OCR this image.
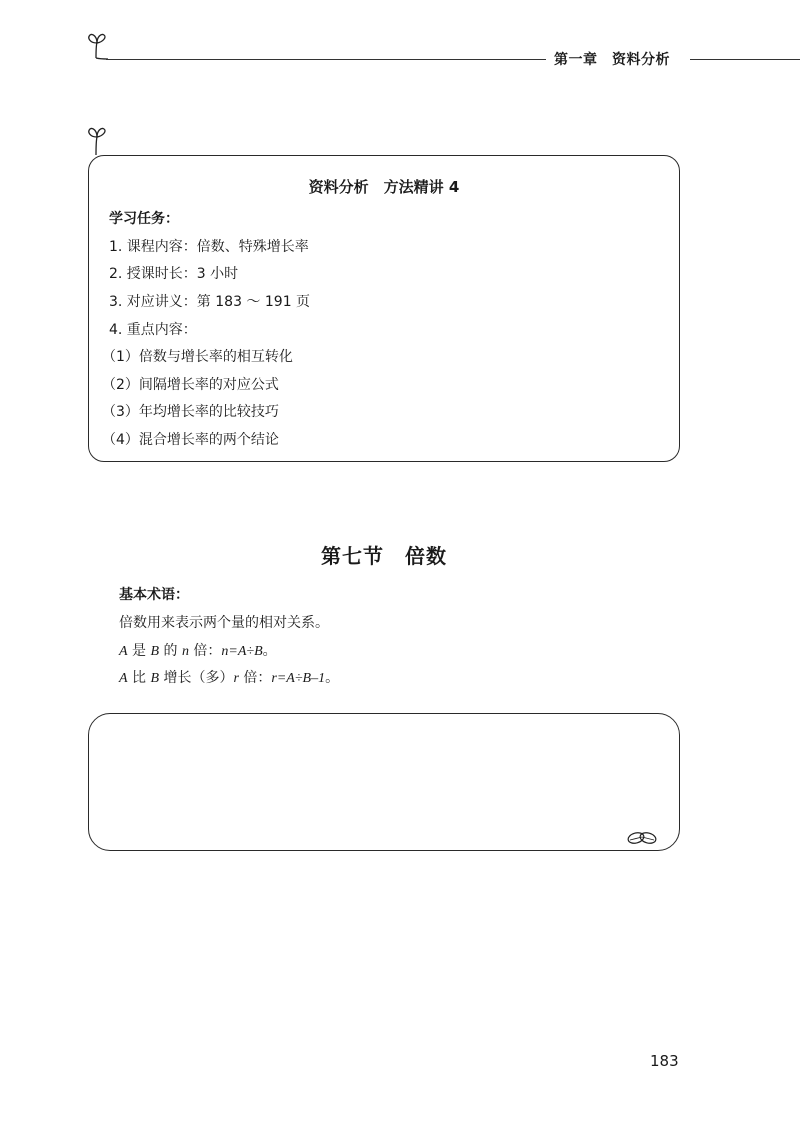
第一章　资料分析
资料分析　方法精讲 4
学习任务：
1. 课程内容：倍数、特殊增长率
2. 授课时长：3 小时
3. 对应讲义：第 183 ～ 191 页
4. 重点内容：
（1）倍数与增长率的相互转化
（2）间隔增长率的对应公式
（3）年均增长率的比较技巧
（4）混合增长率的两个结论
第七节　倍数
基本术语：
倍数用来表示两个量的相对关系。
A 是 B 的 n 倍：n=A÷B。
A 比 B 增长（多）r 倍：r=A÷B–1。
183
